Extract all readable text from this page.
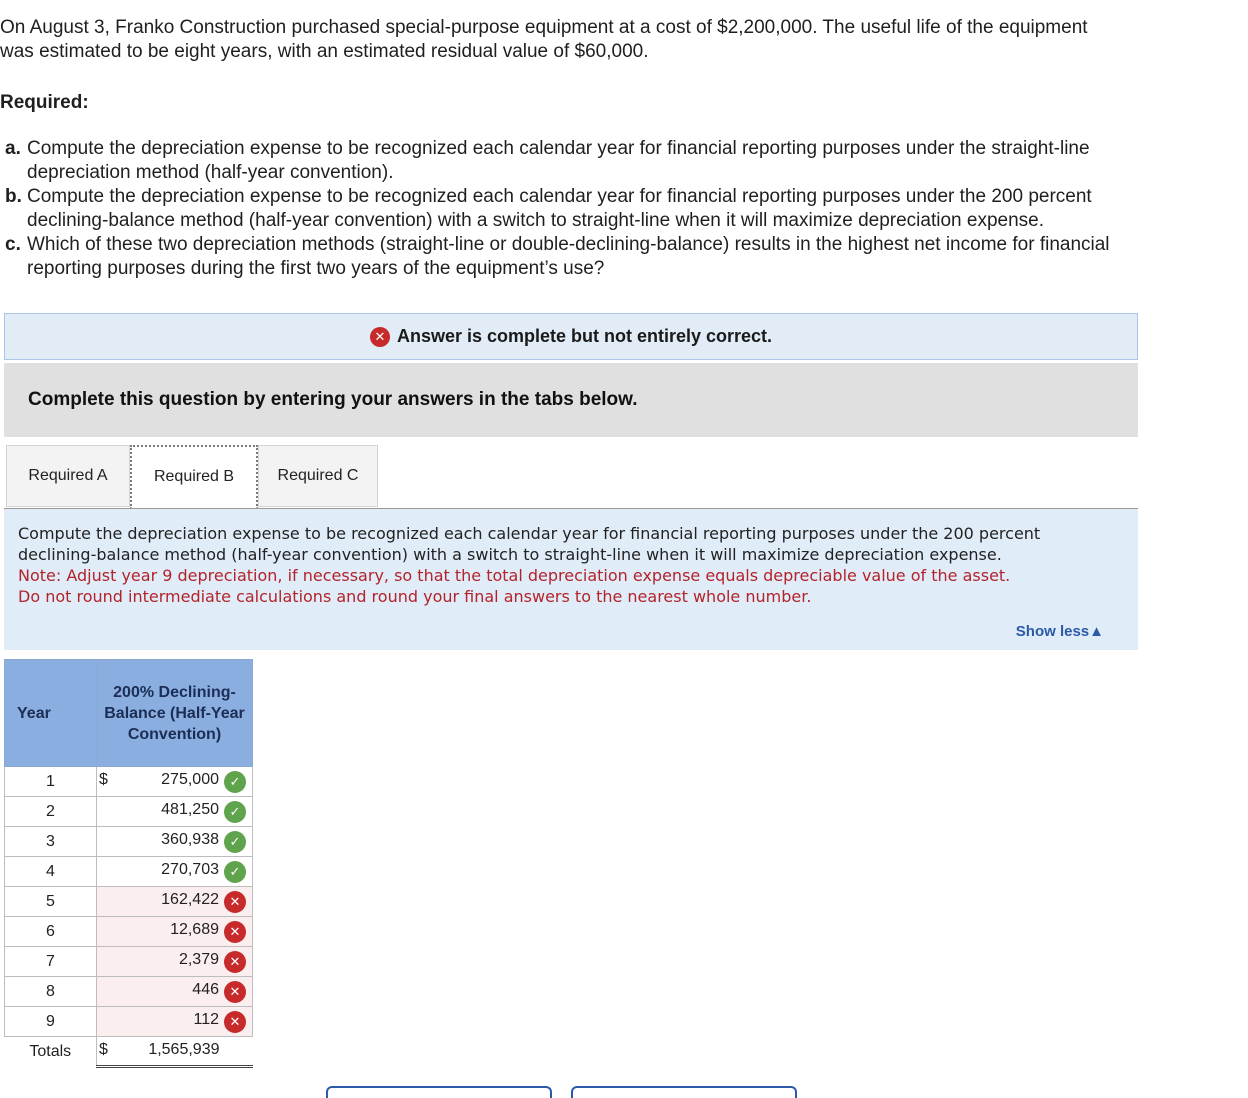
On August 3, Franko Construction purchased special-purpose equipment at a cost of $2,200,000. The useful life of the equipment
was estimated to be eight years, with an estimated residual value of $60,000.
Required:
a. Compute the depreciation expense to be recognized each calendar year for financial reporting purposes under the straight-line
depreciation method (half-year convention).
b. Compute the depreciation expense to be recognized each calendar year for financial reporting purposes under the 200 percent
declining-balance method (half-year convention) with a switch to straight-line when it will maximize depreciation expense.
c. Which of these two depreciation methods (straight-line or double-declining-balance) results in the highest net income for financial
reporting purposes during the first two years of the equipment’s use?
✕ Answer is complete but not entirely correct.
Complete this question by entering your answers in the tabs below.
Required A	Required B	Required C
Compute the depreciation expense to be recognized each calendar year for financial reporting purposes under the 200 percent
declining-balance method (half-year convention) with a switch to straight-line when it will maximize depreciation expense.
Note: Adjust year 9 depreciation, if necessary, so that the total depreciation expense equals depreciable value of the asset.
Do not round intermediate calculations and round your final answers to the nearest whole number.
Show less▲
Year	200% Declining-Balance (Half-Year Convention)
1	$ 275,000 ✓

2	481,250 ✓

3	360,938 ✓

4	270,703 ✓

5	162,422 ✕

6	12,689 ✕

7	2,379 ✕

8	446 ✕

9	112 ✕

Totals	$ 1,565,939
